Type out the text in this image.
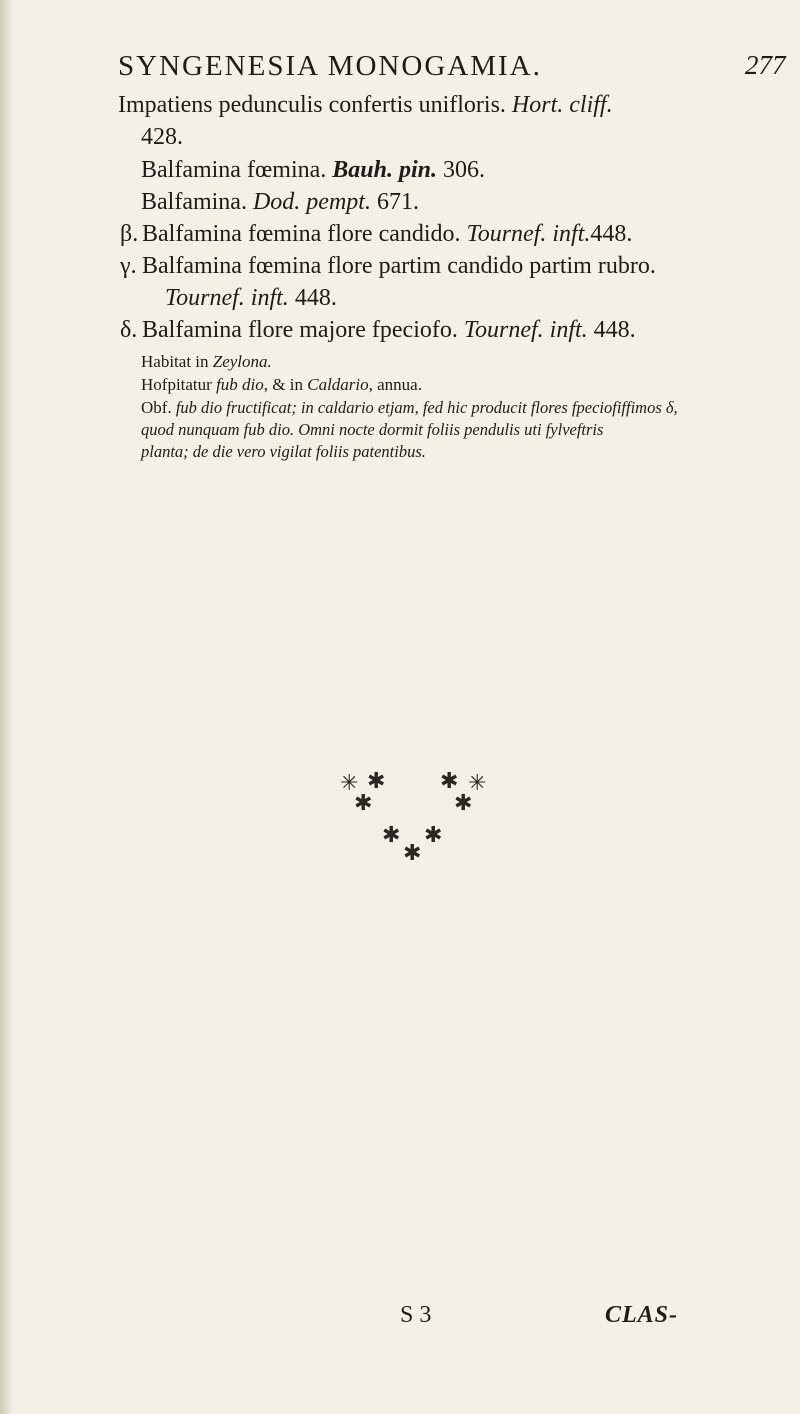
SYNGENESIA MONOGAMIA.	277
Impatiens pedunculis confertis unifloris. Hort. cliff.
428.
Balfamina fœmina. Bauh. pin. 306.
Balfamina. Dod. pempt. 671.
β. Balfamina fœmina flore candido. Tournef. inft.448.
γ. Balfamina fœmina flore partim candido partim rubro.
Tournef. inft. 448.
δ. Balfamina flore majore fpeciofo. Tournef. inft. 448.
Habitat in Zeylona.
Hofpitatur fub dio, & in Caldario, annua.
Obf. fub dio fructificat; in caldario etjam, fed hic producit flores fpeciofiffimos δ,
quod nunquam fub dio. Omni nocte dormit foliis pendulis uti fylveftris
planta; de die vero vigilat foliis patentibus.
✳ ✱
✱
✱ ✳
✱
✱ ✱
✱
S 3	CLAS-
